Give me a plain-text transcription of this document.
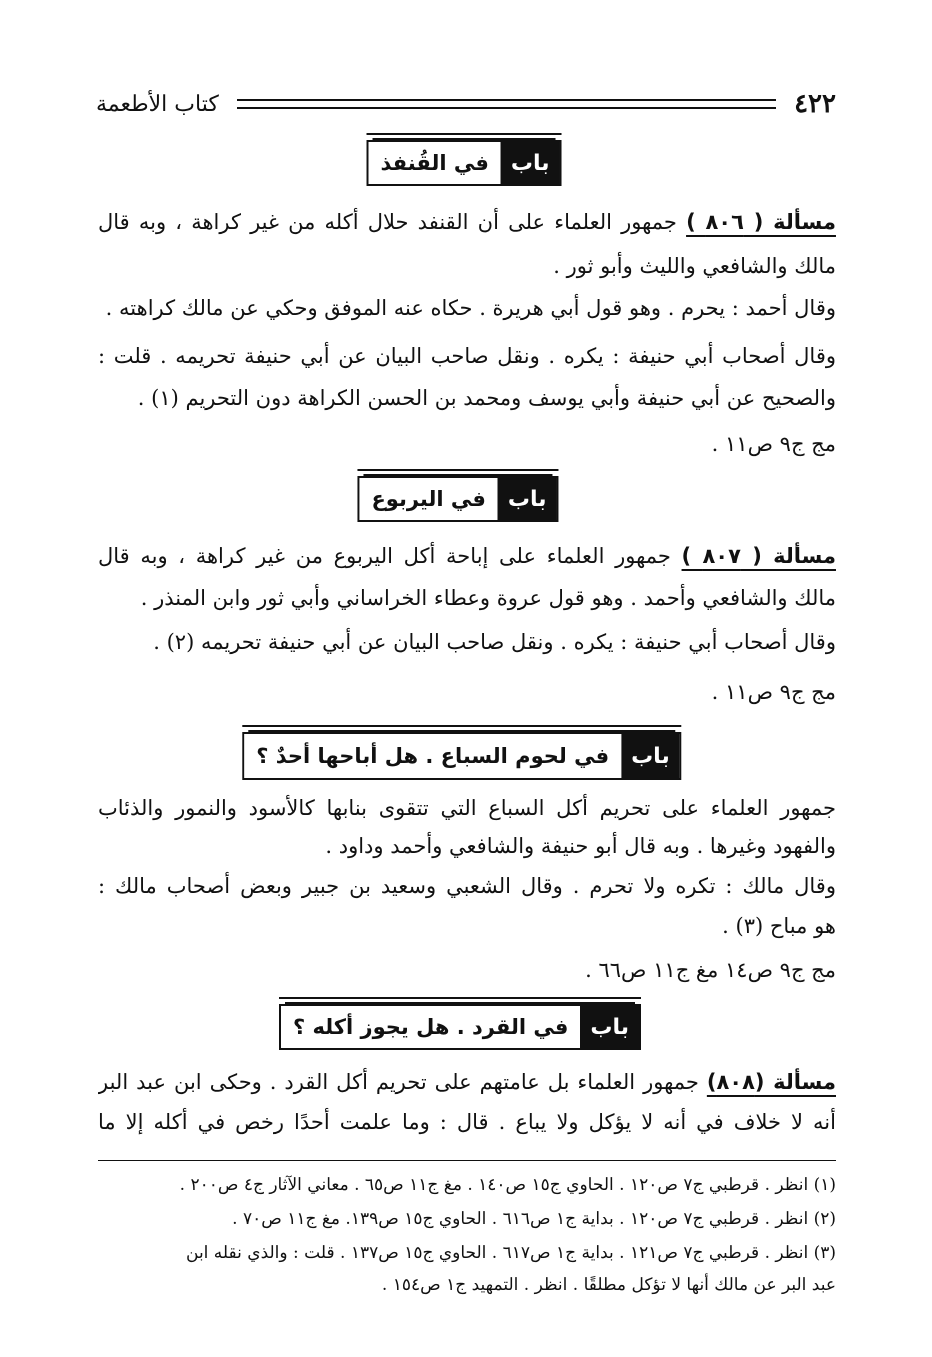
٤٢٢
كتاب الأطعمة
باب
في القُنفذ
مسألة ( ٨٠٦ ) جمهور العلماء على أن القنفد حلال أكله من غير كراهة ، وبه قال
مالك والشافعي والليث وأبو ثور .
وقال أحمد : يحرم . وهو قول أبي هريرة . حكاه عنه الموفق وحكي عن مالك كراهته .
وقال أصحاب أبي حنيفة : يكره . ونقل صاحب البيان عن أبي حنيفة تحريمه . قلت :
والصحيح عن أبي حنيفة وأبي يوسف ومحمد بن الحسن الكراهة دون التحريم (١) .
مج ج٩ ص١١ .
باب
في اليربوع
مسألة ( ٨٠٧ ) جمهور العلماء على إباحة أكل اليربوع من غير كراهة ، وبه قال
مالك والشافعي وأحمد . وهو قول عروة وعطاء الخراساني وأبي ثور وابن المنذر .
وقال أصحاب أبي حنيفة : يكره . ونقل صاحب البيان عن أبي حنيفة تحريمه (٢) .
مج ج٩ ص١١ .
باب
في لحوم السباع . هل أباحها أحدٌ ؟
جمهور العلماء على تحريم أكل السباع التي تتقوى بنابها كالأسود والنمور والذئاب
والفهود وغيرها . وبه قال أبو حنيفة والشافعي وأحمد وداود .
وقال مالك : تكره ولا تحرم . وقال الشعبي وسعيد بن جبير وبعض أصحاب مالك :
هو مباح (٣) .
مج ج٩ ص١٤ مغ ج١١ ص٦٦ .
باب
في القرد . هل يجوز أكله ؟
مسألة (٨٠٨) جمهور العلماء بل عامتهم على تحريم أكل القرد . وحكى ابن عبد البر
أنه لا خلاف في أنه لا يؤكل ولا يباع . قال : وما علمت أحدًا رخص في أكله إلا ما
(١) انظر . قرطبي ج٧ ص١٢٠ . الحاوي ج١٥ ص١٤٠ . مغ ج١١ ص٦٥ . معاني الآثار ج٤ ص٢٠٠ .
(٢) انظر . قرطبي ج٧ ص١٢٠ . بداية ج١ ص٦١٦ . الحاوي ج١٥ ص١٣٩. مغ ج١١ ص٧٠ .
(٣) انظر . قرطبي ج٧ ص١٢١ . بداية ج١ ص٦١٧ . الحاوي ج١٥ ص١٣٧ . قلت : والذي نقله ابن
عبد البر عن مالك أنها لا تؤكل مطلقًا . انظر . التمهيد ج١ ص١٥٤ .
